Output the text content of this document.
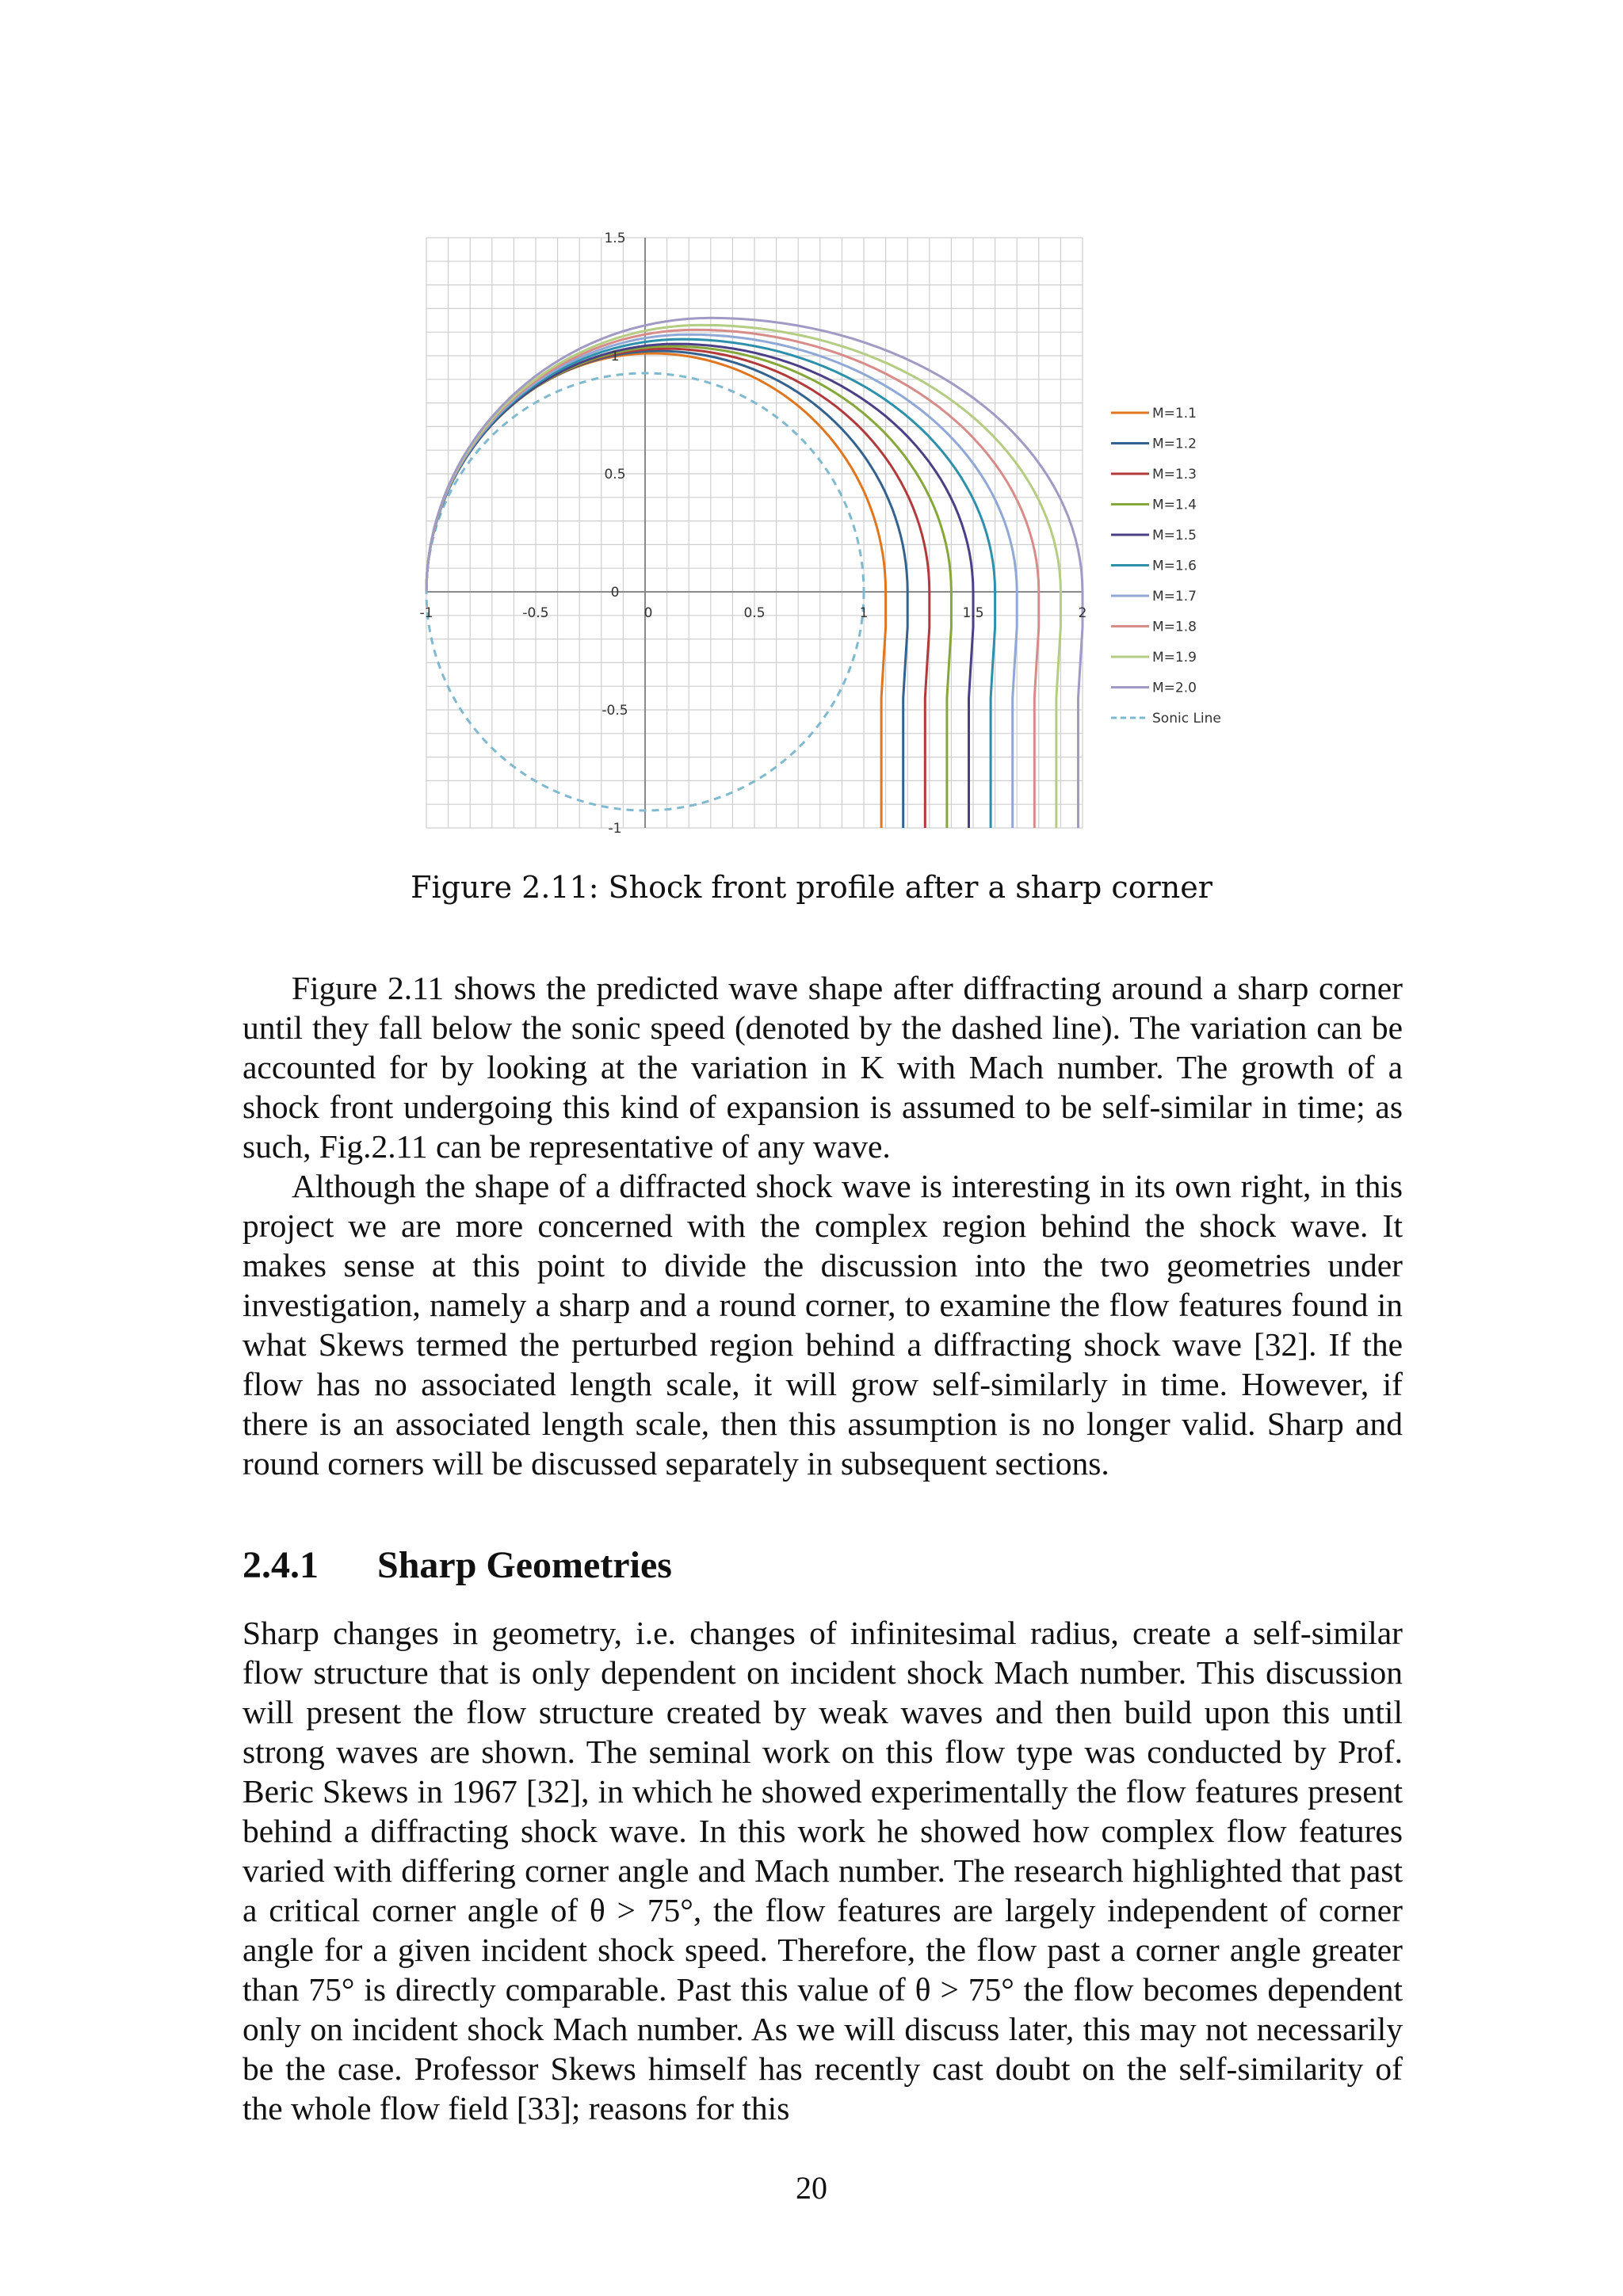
-1	-0.5	0	0.5	1	1.5	2
1.5
1
0.5
0
-0.5
-1
M=1.1
M=1.2
M=1.3
M=1.4
M=1.5
M=1.6
M=1.7
M=1.8
M=1.9
M=2.0
Sonic Line
Figure 2.11: Shock front profile after a sharp corner

Figure 2.11 shows the predicted wave shape after diffracting around a sharp corner until they fall below the sonic speed (denoted by the dashed line). The variation can be accounted for by looking at the variation in K with Mach number. The growth of a shock front undergoing this kind of expansion is assumed to be self-similar in time; as such, Fig.2.11 can be representative of any wave.

Although the shape of a diffracted shock wave is interesting in its own right, in this project we are more concerned with the complex region behind the shock wave. It makes sense at this point to divide the discussion into the two geometries under investigation, namely a sharp and a round corner, to examine the flow features found in what Skews termed the perturbed region behind a diffracting shock wave [32]. If the flow has no associated length scale, it will grow self-similarly in time. However, if there is an associated length scale, then this assumption is no longer valid. Sharp and round corners will be discussed separately in subsequent sections.

2.4.1 Sharp Geometries

Sharp changes in geometry, i.e. changes of infinitesimal radius, create a self-similar flow structure that is only dependent on incident shock Mach number. This discussion will present the flow structure created by weak waves and then build upon this until strong waves are shown. The seminal work on this flow type was conducted by Prof. Beric Skews in 1967 [32], in which he showed experimentally the flow features present behind a diffracting shock wave. In this work he showed how complex flow features varied with differing corner angle and Mach number. The research highlighted that past a critical corner angle of θ > 75°, the flow features are largely independent of corner angle for a given incident shock speed. Therefore, the flow past a corner angle greater than 75° is directly comparable. Past this value of θ > 75° the flow becomes dependent only on incident shock Mach number. As we will discuss later, this may not necessarily be the case. Professor Skews himself has recently cast doubt on the self-similarity of the whole flow field [33]; reasons for this

20
